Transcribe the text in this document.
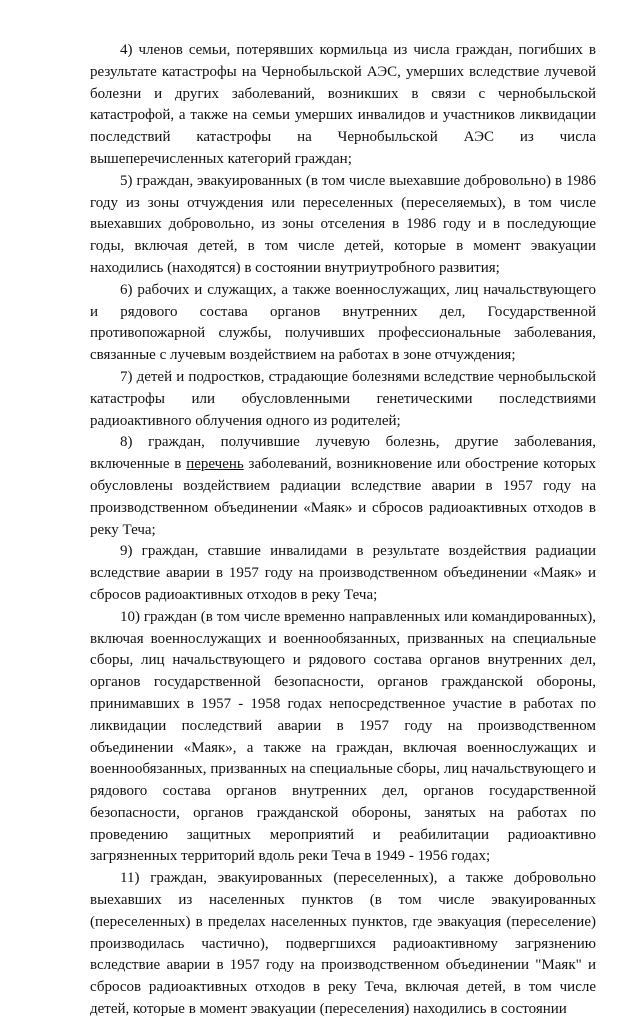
4) членов семьи, потерявших кормильца из числа граждан, погибших в результате катастрофы на Чернобыльской АЭС, умерших вследствие лучевой болезни и других заболеваний, возникших в связи с чернобыльской катастрофой, а также на семьи умерших инвалидов и участников ликвидации последствий катастрофы на Чернобыльской АЭС из числа вышеперечисленных категорий граждан;

5) граждан, эвакуированных (в том числе выехавшие добровольно) в 1986 году из зоны отчуждения или переселенных (переселяемых), в том числе выехавших добровольно, из зоны отселения в 1986 году и в последующие годы, включая детей, в том числе детей, которые в момент эвакуации находились (находятся) в состоянии внутриутробного развития;

6) рабочих и служащих, а также военнослужащих, лиц начальствующего и рядового состава органов внутренних дел, Государственной противопожарной службы, получивших профессиональные заболевания, связанные с лучевым воздействием на работах в зоне отчуждения;

7) детей и подростков, страдающие болезнями вследствие чернобыльской катастрофы или обусловленными генетическими последствиями радиоактивного облучения одного из родителей;

8) граждан, получившие лучевую болезнь, другие заболевания, включенные в перечень заболеваний, возникновение или обострение которых обусловлены воздействием радиации вследствие аварии в 1957 году на производственном объединении «Маяк» и сбросов радиоактивных отходов в реку Теча;

9) граждан, ставшие инвалидами в результате воздействия радиации вследствие аварии в 1957 году на производственном объединении «Маяк» и сбросов радиоактивных отходов в реку Теча;

10) граждан (в том числе временно направленных или командированных), включая военнослужащих и военнообязанных, призванных на специальные сборы, лиц начальствующего и рядового состава органов внутренних дел, органов государственной безопасности, органов гражданской обороны, принимавших в 1957 - 1958 годах непосредственное участие в работах по ликвидации последствий аварии в 1957 году на производственном объединении «Маяк», а также на граждан, включая военнослужащих и военнообязанных, призванных на специальные сборы, лиц начальствующего и рядового состава органов внутренних дел, органов государственной безопасности, органов гражданской обороны, занятых на работах по проведению защитных мероприятий и реабилитации радиоактивно загрязненных территорий вдоль реки Теча в 1949 - 1956 годах;

11) граждан, эвакуированных (переселенных), а также добровольно выехавших из населенных пунктов (в том числе эвакуированных (переселенных) в пределах населенных пунктов, где эвакуация (переселение) производилась частично), подвергшихся радиоактивному загрязнению вследствие аварии в 1957 году на производственном объединении "Маяк" и сбросов радиоактивных отходов в реку Теча, включая детей, в том числе детей, которые в момент эвакуации (переселения) находились в состоянии
